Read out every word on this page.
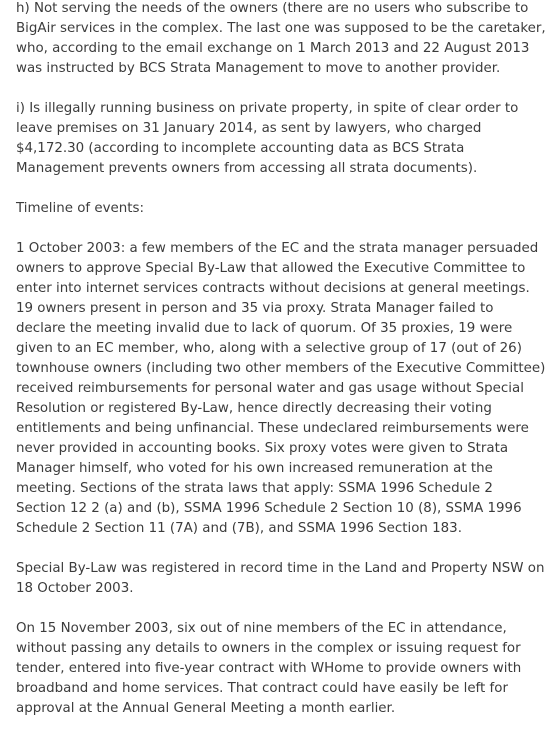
h) Not serving the needs of the owners (there are no users who subscribe to BigAir services in the complex. The last one was supposed to be the caretaker, who, according to the email exchange on 1 March 2013 and 22 August 2013 was instructed by BCS Strata Management to move to another provider.

i) Is illegally running business on private property, in spite of clear order to leave premises on 31 January 2014, as sent by lawyers, who charged $4,172.30 (according to incomplete accounting data as BCS Strata Management prevents owners from accessing all strata documents).

Timeline of events:

1 October 2003: a few members of the EC and the strata manager persuaded owners to approve Special By-Law that allowed the Executive Committee to enter into internet services contracts without decisions at general meetings. 19 owners present in person and 35 via proxy. Strata Manager failed to declare the meeting invalid due to lack of quorum. Of 35 proxies, 19 were given to an EC member, who, along with a selective group of 17 (out of 26) townhouse owners (including two other members of the Executive Committee) received reimbursements for personal water and gas usage without Special Resolution or registered By-Law, hence directly decreasing their voting entitlements and being unfinancial. These undeclared reimbursements were never provided in accounting books. Six proxy votes were given to Strata Manager himself, who voted for his own increased remuneration at the meeting. Sections of the strata laws that apply: SSMA 1996 Schedule 2 Section 12 2 (a) and (b), SSMA 1996 Schedule 2 Section 10 (8), SSMA 1996 Schedule 2 Section 11 (7A) and (7B), and SSMA 1996 Section 183.

Special By-Law was registered in record time in the Land and Property NSW on 18 October 2003.

On 15 November 2003, six out of nine members of the EC in attendance, without passing any details to owners in the complex or issuing request for tender, entered into five-year contract with WHome to provide owners with broadband and home services. That contract could have easily be left for approval at the Annual General Meeting a month earlier.
